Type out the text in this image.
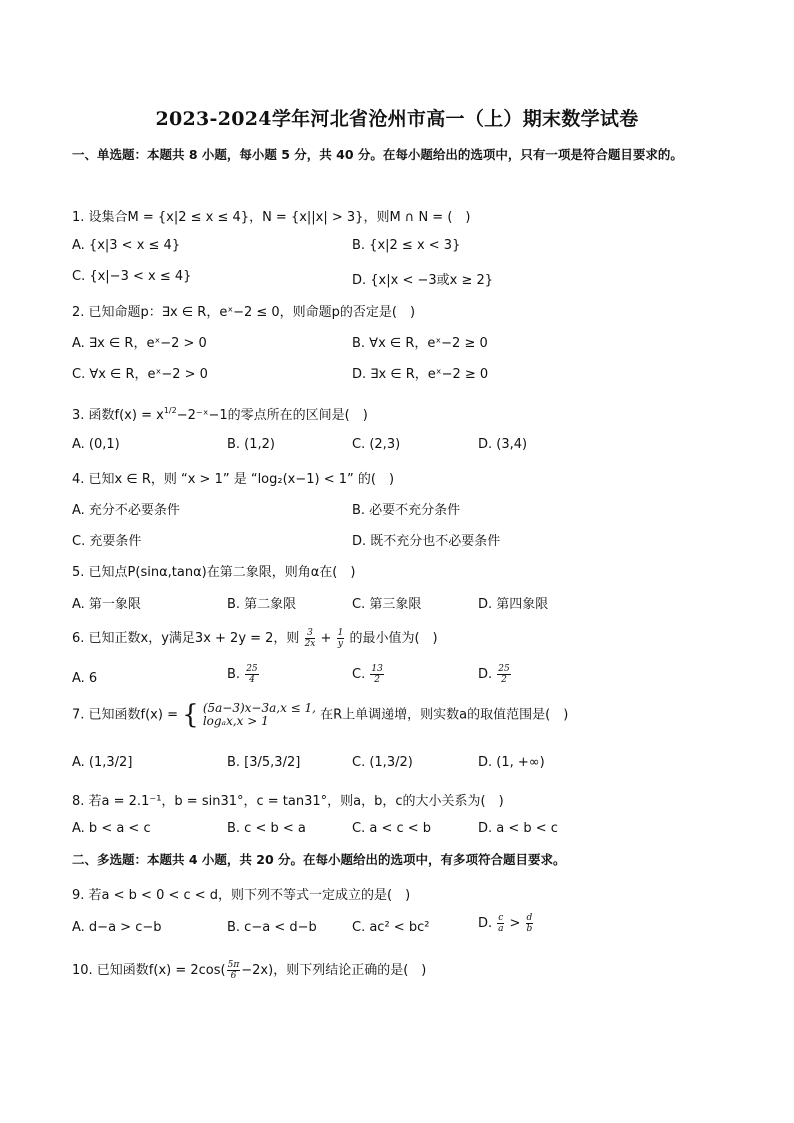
2023-2024学年河北省沧州市高一（上）期末数学试卷
一、单选题：本题共 8 小题，每小题 5 分，共 40 分。在每小题给出的选项中，只有一项是符合题目要求的。
1. 设集合M = {x|2 ≤ x ≤ 4}，N = {x||x| > 3}，则M ∩ N = (　)
A. {x|3 < x ≤ 4}	B. {x|2 ≤ x < 3}
C. {x|−3 < x ≤ 4}	D. {x|x < −3或x ≥ 2}
2. 已知命题p：∃x ∈ R，eˣ−2 ≤ 0，则命题p的否定是(　)
A. ∃x ∈ R，eˣ−2 > 0	B. ∀x ∈ R，eˣ−2 ≥ 0
C. ∀x ∈ R，eˣ−2 > 0	D. ∃x ∈ R，eˣ−2 ≥ 0
3. 函数$f(x) = x^{1/2}-2^-ˣ-1$的零点所在的区间是(　)
A. (0,1)	B. (1,2)	C. (2,3)	D. (3,4)
4. 已知x ∈ R，则 “x > 1” 是 “log₂(x−1) < 1” 的(　)
A. 充分不必要条件	B. 必要不充分条件
C. 充要条件	D. 既不充分也不必要条件
5. 已知点P(sinα,tanα)在第二象限，则角α在(　)
A. 第一象限	B. 第二象限	C. 第三象限	D. 第四象限
6. 已知正数x，y满足3x + 2y = 2，则 $\frac{3}{2x} + \frac{1}{y}$ 的最小值为(　)
A. 6	B. $\frac{25}{4}$	C. $\frac{13}{2}$	D. $\frac{25}{2}$
7. 已知函数f(x) = { (5a−3)x−3a,x ≤ 1,
logₐx,x > 1	在R上单调递增，则实数a的取值范围是(　)
A. (1,3/2]	B. [3/5,3/2]	C. (1,3/2)	D. (1, +∞)
8. 若a = 2.1⁻¹，b = sin31°，c = tan31°，则a，b，c的大小关系为(　)
A. b < a < c	B. c < b < a	C. a < c < b	D. a < b < c
二、多选题：本题共 4 小题，共 20 分。在每小题给出的选项中，有多项符合题目要求。
9. 若a < b < 0 < c < d，则下列不等式一定成立的是(　)
A. d−a > c−b	B. c−a < d−b	C. ac² < bc²	D. $\frac{c}{a} > \frac{d}{b}$
10. 已知函数$f(x) = 2\cos( \frac{5\pi}{6} -2x)$，则下列结论正确的是(　)
